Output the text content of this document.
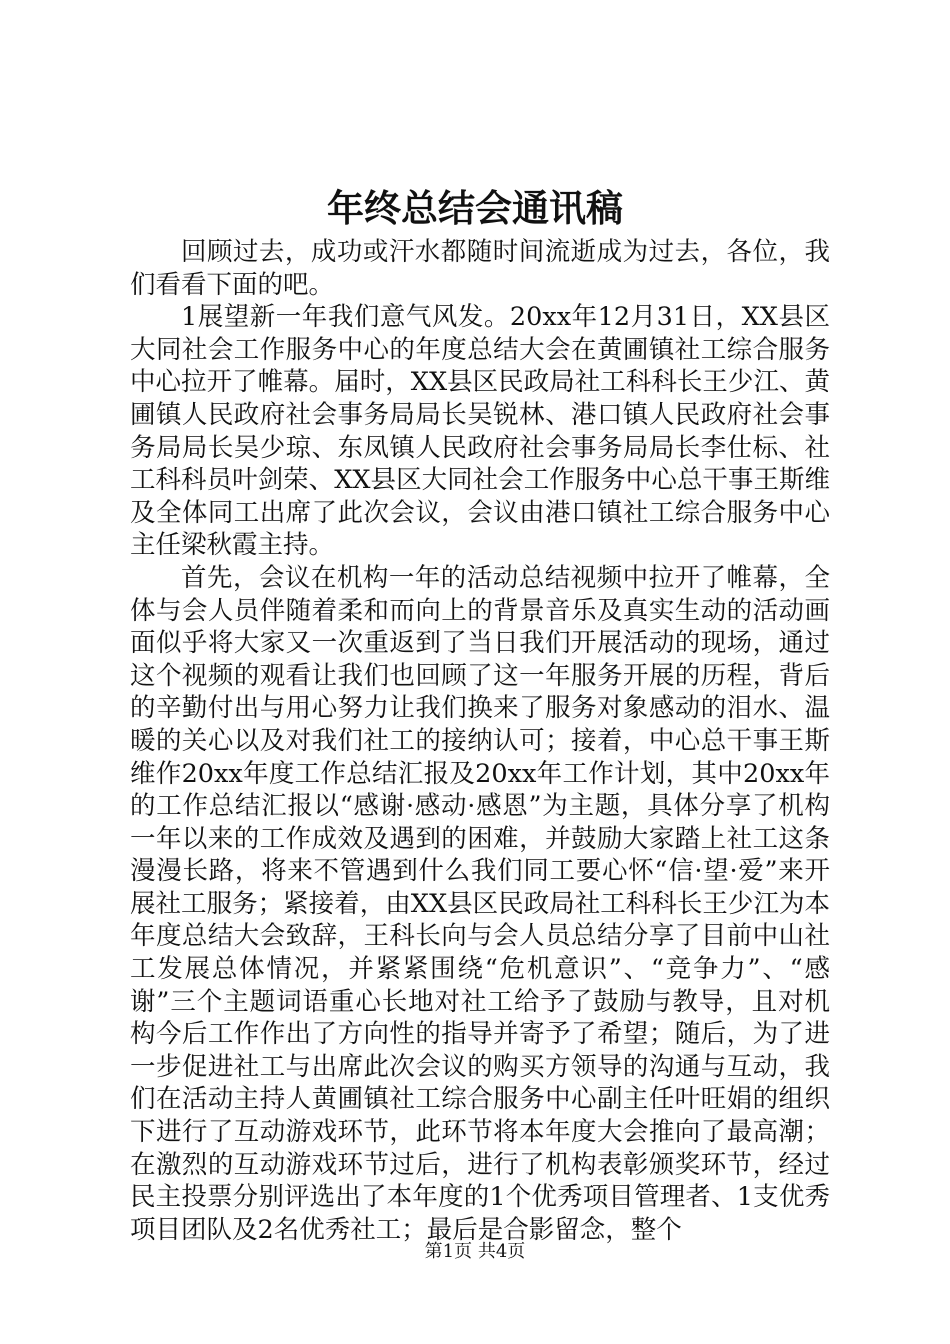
年终总结会通讯稿

回顾过去，成功或汗水都随时间流逝成为过去，各位，我们看看下面的吧。

1展望新一年我们意气风发。20xx年12月31日，XX县区大同社会工作服务中心的年度总结大会在黄圃镇社工综合服务中心拉开了帷幕。届时，XX县区民政局社工科科长王少江、黄圃镇人民政府社会事务局局长吴锐林、港口镇人民政府社会事务局局长吴少琼、东凤镇人民政府社会事务局局长李仕标、社工科科员叶剑荣、XX县区大同社会工作服务中心总干事王斯维及全体同工出席了此次会议，会议由港口镇社工综合服务中心主任梁秋霞主持。

首先，会议在机构一年的活动总结视频中拉开了帷幕，全体与会人员伴随着柔和而向上的背景音乐及真实生动的活动画面似乎将大家又一次重返到了当日我们开展活动的现场，通过这个视频的观看让我们也回顾了这一年服务开展的历程，背后的辛勤付出与用心努力让我们换来了服务对象感动的泪水、温暖的关心以及对我们社工的接纳认可；接着，中心总干事王斯维作20xx年度工作总结汇报及20xx年工作计划，其中20xx年的工作总结汇报以“感谢·感动·感恩”为主题，具体分享了机构一年以来的工作成效及遇到的困难，并鼓励大家踏上社工这条漫漫长路，将来不管遇到什么我们同工要心怀“信·望·爱”来开展社工服务；紧接着，由XX县区民政局社工科科长王少江为本年度总结大会致辞，王科长向与会人员总结分享了目前中山社工发展总体情况，并紧紧围绕“危机意识”、“竞争力”、“感谢”三个主题词语重心长地对社工给予了鼓励与教导，且对机构今后工作作出了方向性的指导并寄予了希望；随后，为了进一步促进社工与出席此次会议的购买方领导的沟通与互动，我们在活动主持人黄圃镇社工综合服务中心副主任叶旺娟的组织下进行了互动游戏环节，此环节将本年度大会推向了最高潮；在激烈的互动游戏环节过后，进行了机构表彰颁奖环节，经过民主投票分别评选出了本年度的1个优秀项目管理者、1支优秀项目团队及2名优秀社工；最后是合影留念，整个

第1页 共4页
